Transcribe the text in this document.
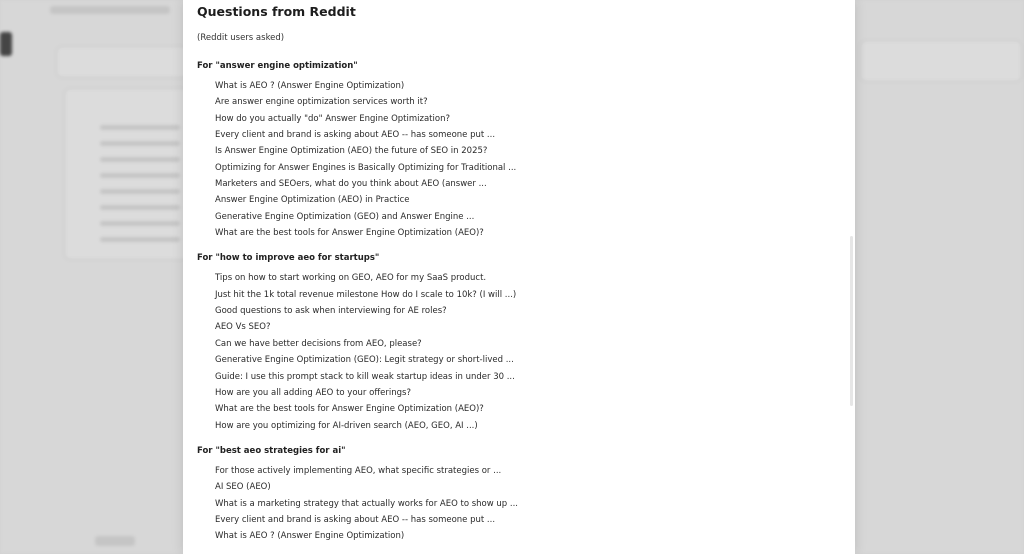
Questions from Reddit
(Reddit users asked)
For "answer engine optimization"
What is AEO ? (Answer Engine Optimization)
Are answer engine optimization services worth it?
How do you actually "do" Answer Engine Optimization?
Every client and brand is asking about AEO -- has someone put ...
Is Answer Engine Optimization (AEO) the future of SEO in 2025?
Optimizing for Answer Engines is Basically Optimizing for Traditional ...
Marketers and SEOers, what do you think about AEO (answer ...
Answer Engine Optimization (AEO) in Practice
Generative Engine Optimization (GEO) and Answer Engine ...
What are the best tools for Answer Engine Optimization (AEO)?
For "how to improve aeo for startups"
Tips on how to start working on GEO, AEO for my SaaS product.
Just hit the 1k total revenue milestone How do I scale to 10k? (I will ...)
Good questions to ask when interviewing for AE roles?
AEO Vs SEO?
Can we have better decisions from AEO, please?
Generative Engine Optimization (GEO): Legit strategy or short-lived ...
Guide: I use this prompt stack to kill weak startup ideas in under 30 ...
How are you all adding AEO to your offerings?
What are the best tools for Answer Engine Optimization (AEO)?
How are you optimizing for AI-driven search (AEO, GEO, AI ...)
For "best aeo strategies for ai"
For those actively implementing AEO, what specific strategies or ...
AI SEO (AEO)
What is a marketing strategy that actually works for AEO to show up ...
Every client and brand is asking about AEO -- has someone put ...
What is AEO ? (Answer Engine Optimization)
